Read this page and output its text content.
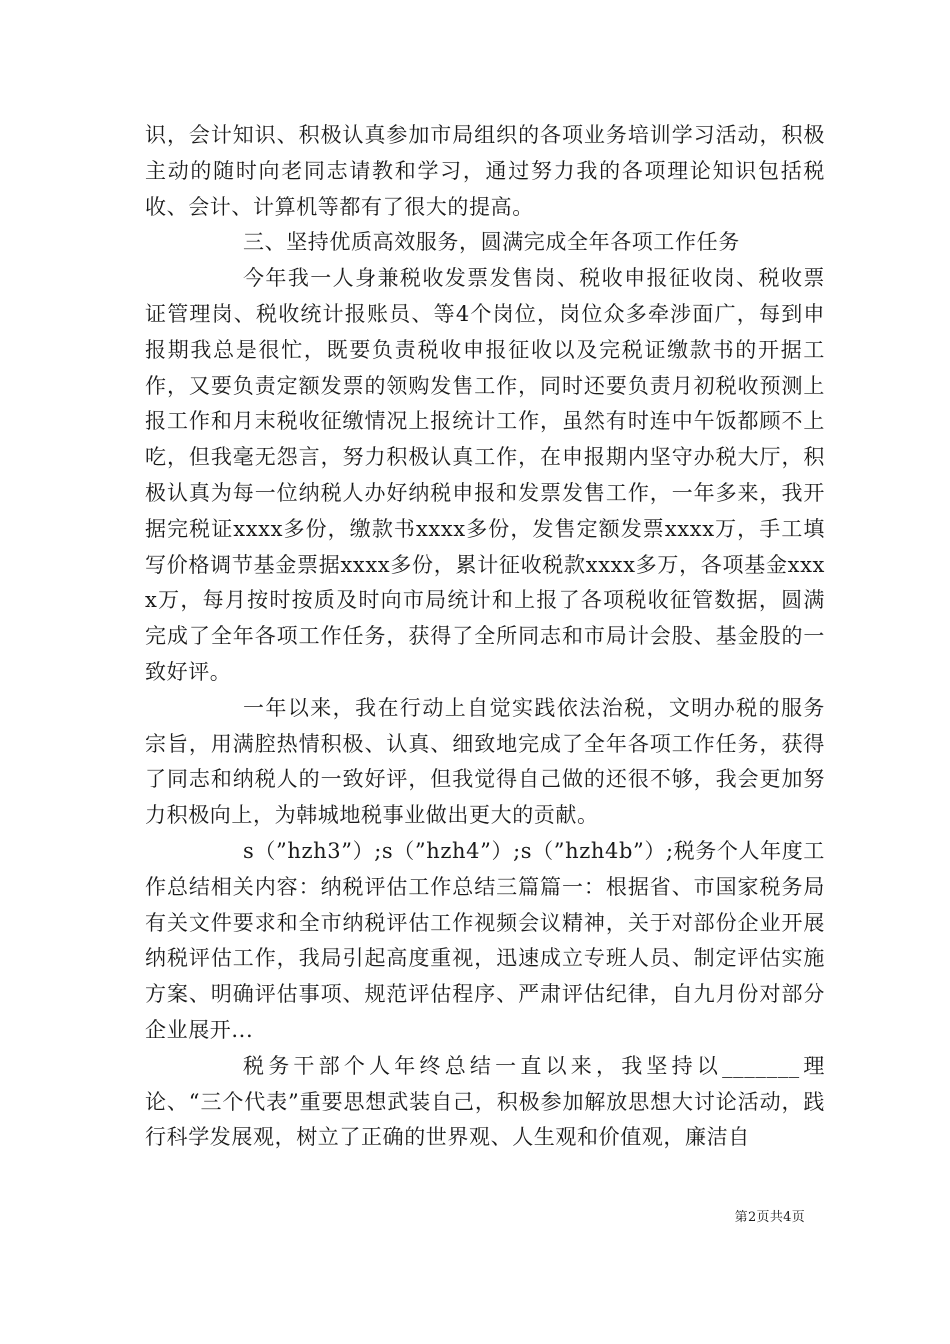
识，会计知识、积极认真参加市局组织的各项业务培训学习活动，积极主动的随时向老同志请教和学习，通过努力我的各项理论知识包括税收、会计、计算机等都有了很大的提高。

三、坚持优质高效服务，圆满完成全年各项工作任务

今年我一人身兼税收发票发售岗、税收申报征收岗、税收票证管理岗、税收统计报账员、等4个岗位，岗位众多牵涉面广，每到申报期我总是很忙，既要负责税收申报征收以及完税证缴款书的开据工作，又要负责定额发票的领购发售工作，同时还要负责月初税收预测上报工作和月末税收征缴情况上报统计工作，虽然有时连中午饭都顾不上吃，但我毫无怨言，努力积极认真工作，在申报期内坚守办税大厅，积极认真为每一位纳税人办好纳税申报和发票发售工作，一年多来，我开据完税证xxxx多份，缴款书xxxx多份，发售定额发票xxxx万，手工填写价格调节基金票据xxxx多份，累计征收税款xxxx多万，各项基金xxxx万，每月按时按质及时向市局统计和上报了各项税收征管数据，圆满完成了全年各项工作任务，获得了全所同志和市局计会股、基金股的一致好评。

一年以来，我在行动上自觉实践依法治税，文明办税的服务宗旨，用满腔热情积极、认真、细致地完成了全年各项工作任务，获得了同志和纳税人的一致好评，但我觉得自己做的还很不够，我会更加努力积极向上，为韩城地税事业做出更大的贡献。

s（”hzh3”）;s（”hzh4”）;s（”hzh4b”）;税务个人年度工作总结相关内容：纳税评估工作总结三篇篇一：根据省、市国家税务局有关文件要求和全市纳税评估工作视频会议精神，关于对部份企业开展纳税评估工作，我局引起高度重视，迅速成立专班人员、制定评估实施方案、明确评估事项、规范评估程序、严肃评估纪律，自九月份对部分企业展开...

税务干部个人年终总结一直以来，我坚持以_______理论、“三个代表”重要思想武装自己，积极参加解放思想大讨论活动，践行科学发展观，树立了正确的世界观、人生观和价值观，廉洁自

第2页共4页
